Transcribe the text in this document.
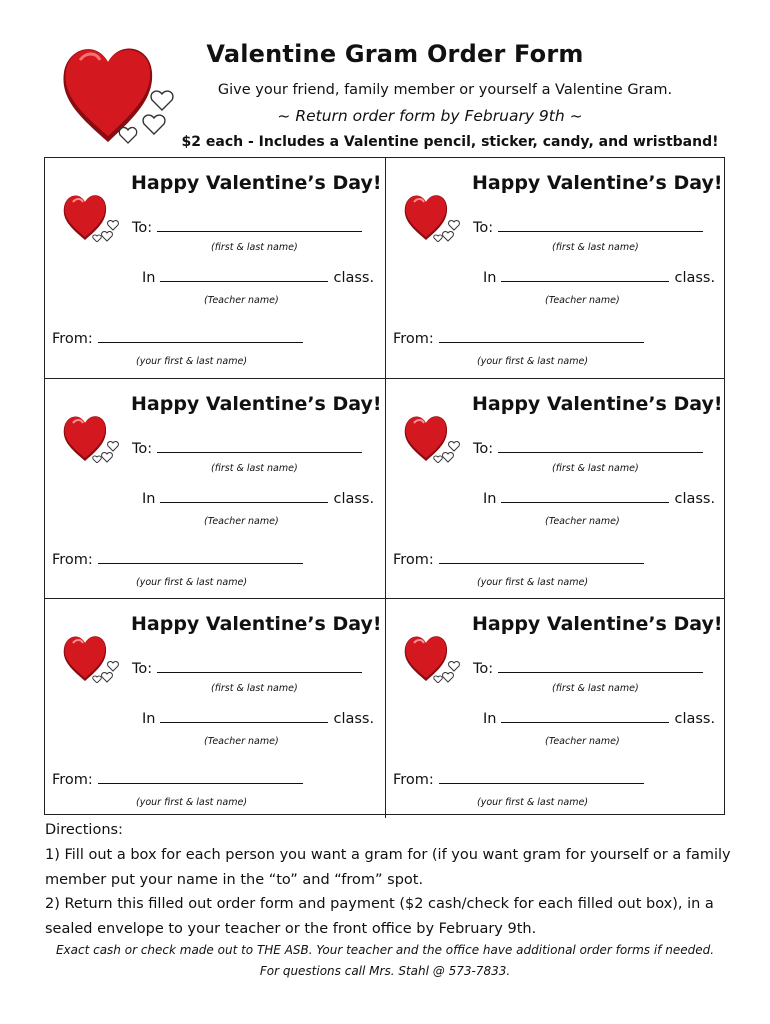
Valentine Gram Order Form
Give your friend, family member or yourself a Valentine Gram.
~ Return order form by February 9th ~
$2 each - Includes a Valentine pencil, sticker, candy, and wristband!
Happy Valentine’s Day!
To:
(first & last name)
In	class.
(Teacher name)
From:
(your first & last name)
Happy Valentine’s Day!
To:
(first & last name)
In	class.
(Teacher name)
From:
(your first & last name)
Happy Valentine’s Day!
To:
(first & last name)
In	class.
(Teacher name)
From:
(your first & last name)
Happy Valentine’s Day!
To:
(first & last name)
In	class.
(Teacher name)
From:
(your first & last name)
Happy Valentine’s Day!
To:
(first & last name)
In	class.
(Teacher name)
From:
(your first & last name)
Happy Valentine’s Day!
To:
(first & last name)
In	class.
(Teacher name)
From:
(your first & last name)
Directions:
1) Fill out a box for each person you want a gram for (if you want gram for yourself or a family
member put your name in the “to” and “from” spot.
2) Return this filled out order form and payment ($2 cash/check for each filled out box), in a
sealed envelope to your teacher or the front office by February 9th.
Exact cash or check made out to THE ASB. Your teacher and the office have additional order forms if needed.
For questions call Mrs. Stahl @ 573-7833.
